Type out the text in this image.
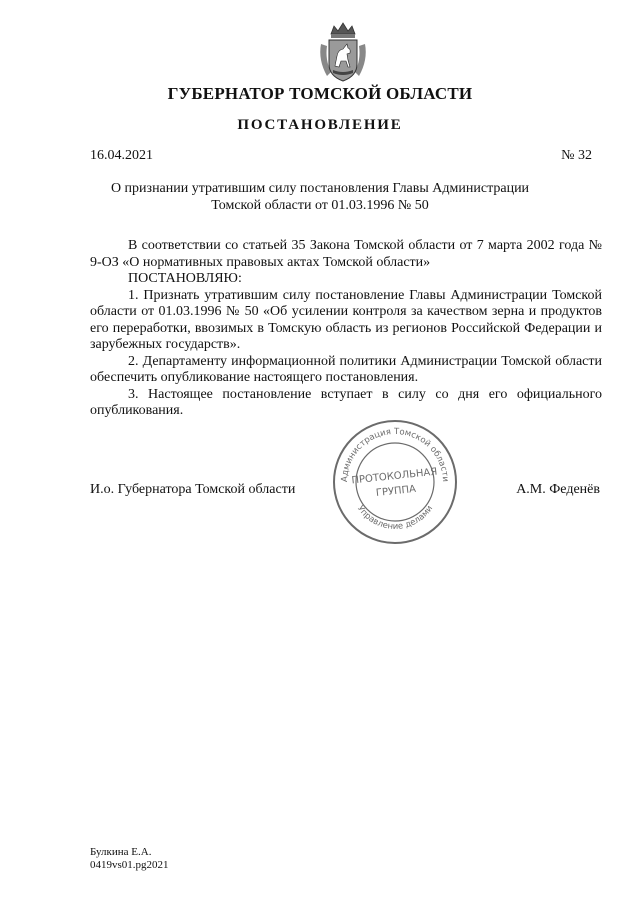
ГУБЕРНАТОР ТОМСКОЙ ОБЛАСТИ
ПОСТАНОВЛЕНИЕ
16.04.2021	№ 32
О признании утратившим силу постановления Главы Администрации
Томской области от 01.03.1996 № 50

В соответствии со статьей 35 Закона Томской области от 7 марта 2002 года № 9-ОЗ «О нормативных правовых актах Томской области»

ПОСТАНОВЛЯЮ:

1. Признать утратившим силу постановление Главы Администрации Томской области от 01.03.1996 № 50 «Об усилении контроля за качеством зерна и продуктов его переработки, ввозимых в Томскую область из регионов Российской Федерации и зарубежных государств».

2. Департаменту информационной политики Администрации Томской области обеспечить опубликование настоящего постановления.

3. Настоящее постановление вступает в силу со дня его официального опубликования.

И.о. Губернатора Томской области	А.М. Феденёв
Администрация Томской области
Управление делами
ПРОТОКОЛЬНАЯ
ГРУППА
Булкина Е.А.
0419vs01.pg2021
